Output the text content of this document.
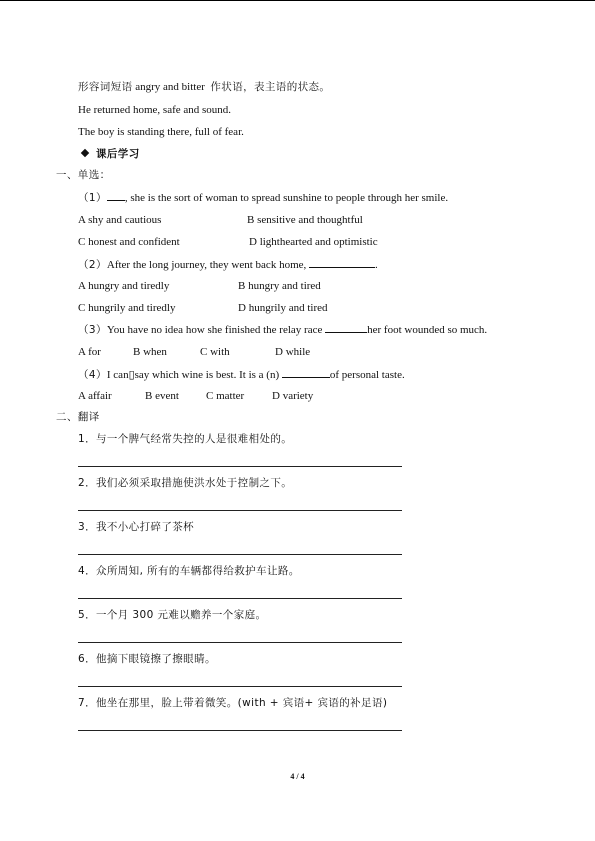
形容词短语 angry and bitter 作状语，表主语的状态。
He returned home, safe and sound.
The boy is standing there, full of fear.
课后学习
一、单选：
（1） , she is the sort of woman to spread sunshine to people through her smile.
A shy and cautious	B sensitive and thoughtful
C honest and confident	D lighthearted and optimistic
（2）After the long journey, they went back home,	.
A hungry and tiredly	B hungry and tired
C hungrily and tiredly	D hungrily and tired
（3）You have no idea how she finished the relay race	her foot wounded so much.
A for	B when	C with	D while
（4）I can▯say which wine is best. It is a (n)	of personal taste.
A affair	B event C matter	D variety
二、翻译
1．与一个脾气经常失控的人是很难相处的。
2．我们必须采取措施使洪水处于控制之下。
3．我不小心打碎了茶杯
4．众所周知, 所有的车辆都得给救护车让路。
5．一个月 300 元难以赡养一个家庭。
6．他摘下眼镜擦了擦眼睛。
7．他坐在那里，脸上带着微笑。(with + 宾语+ 宾语的补足语)
4 / 4
